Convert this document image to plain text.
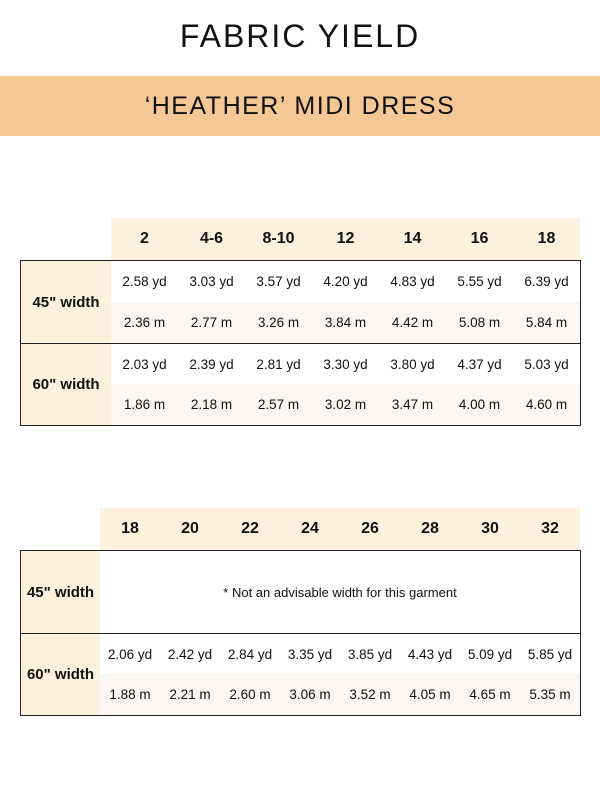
FABRIC YIELD
‘HEATHER’ MIDI DRESS
2	4-6	8-10	12	14	16	18
45" width
2.58 yd	3.03 yd	3.57 yd	4.20 yd	4.83 yd	5.55 yd	6.39 yd
2.36 m	2.77 m	3.26 m	3.84 m	4.42 m	5.08 m	5.84 m
60" width
2.03 yd	2.39 yd	2.81 yd	3.30 yd	3.80 yd	4.37 yd	5.03 yd
1.86 m	2.18 m	2.57 m	3.02 m	3.47 m	4.00 m	4.60 m
18	20	22	24	26	28	30	32
45" width	* Not an advisable width for this garment
60" width
2.06 yd	2.42 yd	2.84 yd	3.35 yd	3.85 yd	4.43 yd	5.09 yd	5.85 yd
1.88 m	2.21 m	2.60 m	3.06 m	3.52 m	4.05 m	4.65 m	5.35 m
